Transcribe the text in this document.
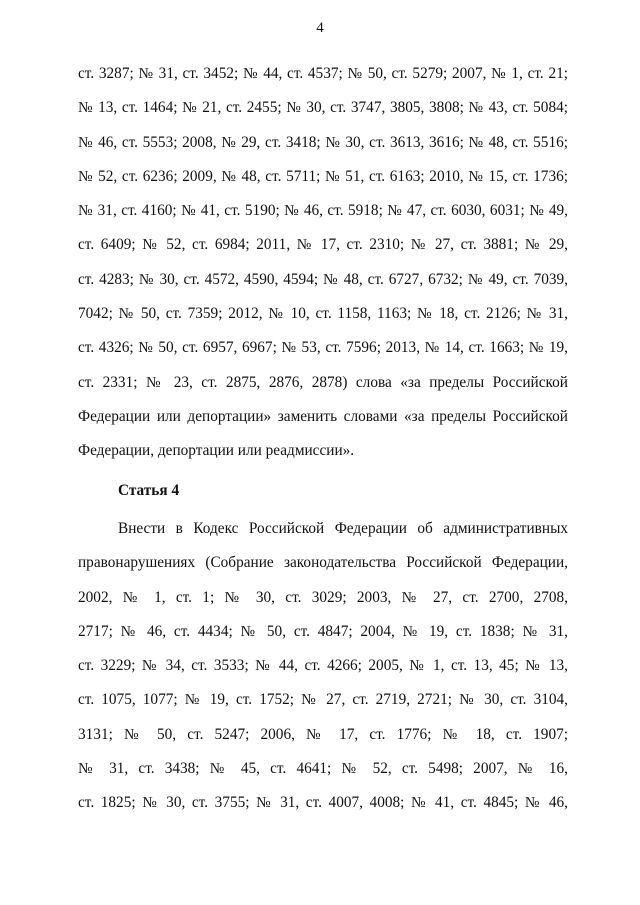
4
ст. 3287; № 31, ст. 3452; № 44, ст. 4537; № 50, ст. 5279; 2007, № 1, ст. 21;
№ 13, ст. 1464; № 21, ст. 2455; № 30, ст. 3747, 3805, 3808; № 43, ст. 5084;
№ 46, ст. 5553; 2008, № 29, ст. 3418; № 30, ст. 3613, 3616; № 48, ст. 5516;
№ 52, ст. 6236; 2009, № 48, ст. 5711; № 51, ст. 6163; 2010, № 15, ст. 1736;
№ 31, ст. 4160; № 41, ст. 5190; № 46, ст. 5918; № 47, ст. 6030, 6031; № 49,
ст. 6409; № 52, ст. 6984; 2011, № 17, ст. 2310; № 27, ст. 3881; № 29,
ст. 4283; № 30, ст. 4572, 4590, 4594; № 48, ст. 6727, 6732; № 49, ст. 7039,
7042; № 50, ст. 7359; 2012, № 10, ст. 1158, 1163; № 18, ст. 2126; № 31,
ст. 4326; № 50, ст. 6957, 6967; № 53, ст. 7596; 2013, № 14, ст. 1663; № 19,
ст. 2331; № 23, ст. 2875, 2876, 2878) слова «за пределы Российской
Федерации или депортации» заменить словами «за пределы Российской
Федерации, депортации или реадмиссии».
Статья 4
Внести в Кодекс Российской Федерации об административных
правонарушениях (Собрание законодательства Российской Федерации,
2002, № 1, ст. 1; № 30, ст. 3029; 2003, № 27, ст. 2700, 2708,
2717; № 46, ст. 4434; № 50, ст. 4847; 2004, № 19, ст. 1838; № 31,
ст. 3229; № 34, ст. 3533; № 44, ст. 4266; 2005, № 1, ст. 13, 45; № 13,
ст. 1075, 1077; № 19, ст. 1752; № 27, ст. 2719, 2721; № 30, ст. 3104,
3131; № 50, ст. 5247; 2006, № 17, ст. 1776; № 18, ст. 1907;
№ 31, ст. 3438; № 45, ст. 4641; № 52, ст. 5498; 2007, № 16,
ст. 1825; № 30, ст. 3755; № 31, ст. 4007, 4008; № 41, ст. 4845; № 46,
